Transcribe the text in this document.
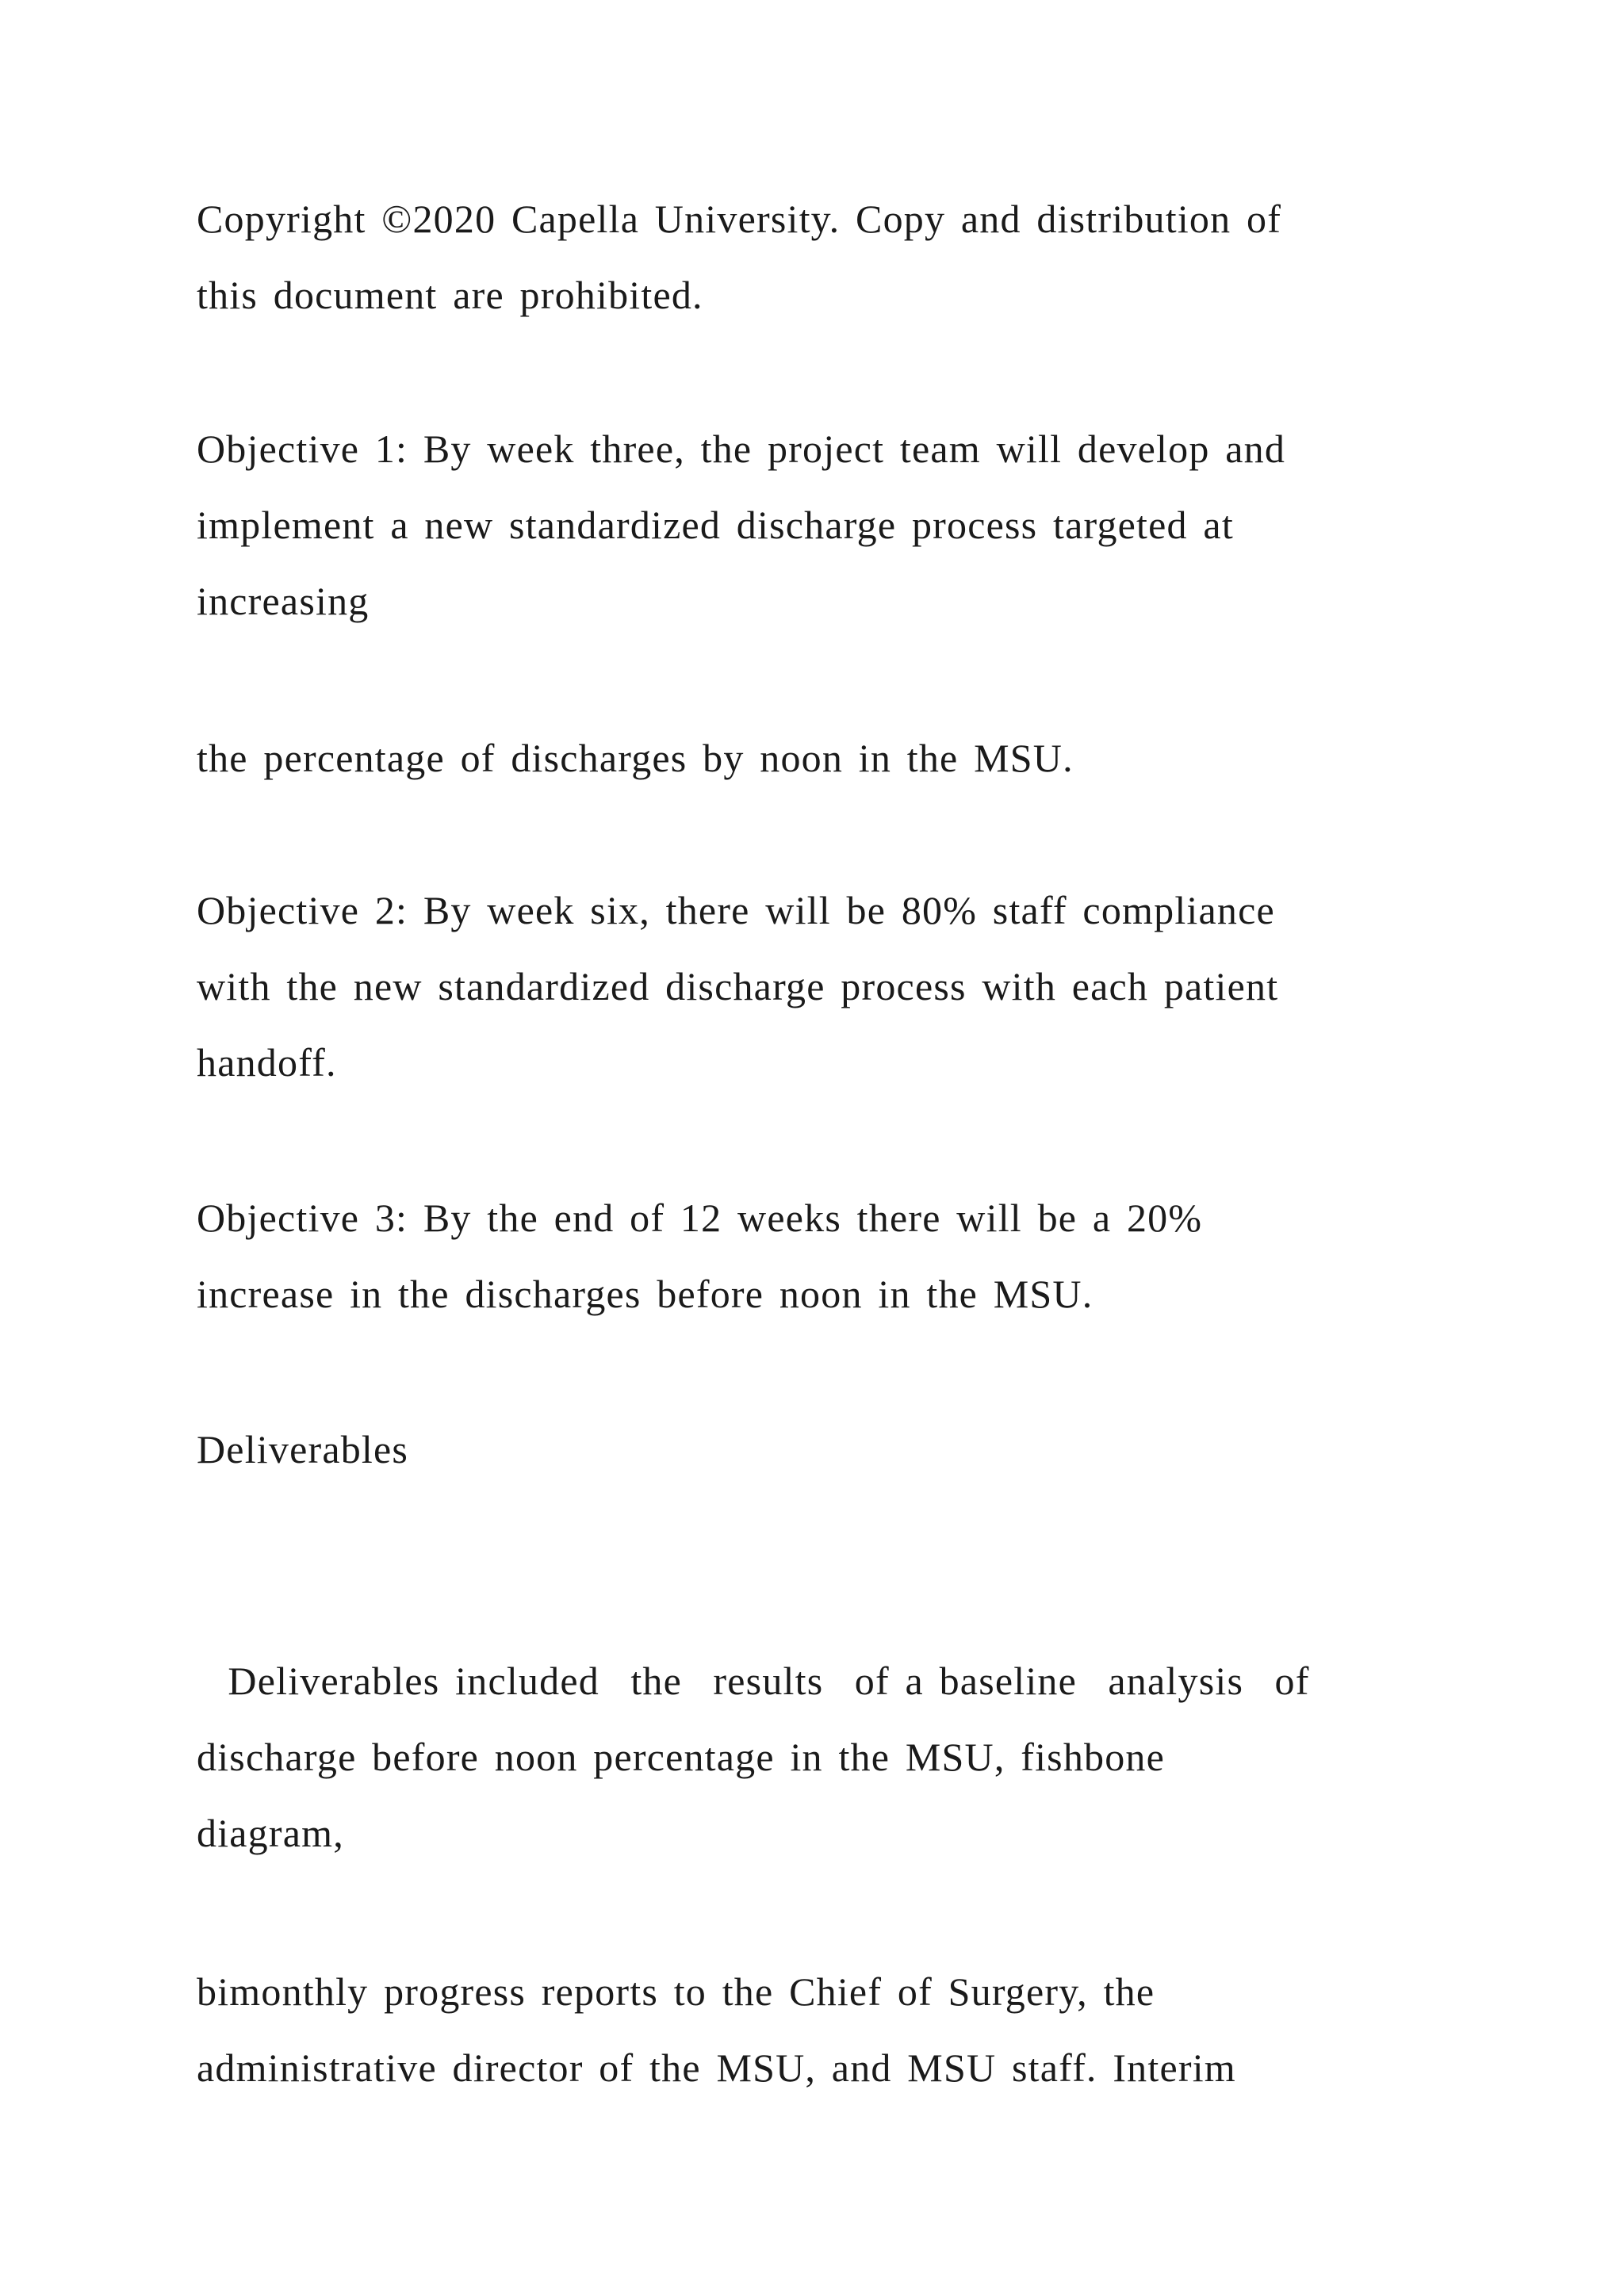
Copyright ©2020 Capella University. Copy and distribution of
this document are prohibited.
Objective 1: By week three, the project team will develop and
implement a new standardized discharge process targeted at
increasing
the percentage of discharges by noon in the MSU.
Objective 2: By week six, there will be 80% staff compliance
with the new standardized discharge process with each patient
handoff.
Objective 3: By the end of 12 weeks there will be a 20%
increase in the discharges before noon in the MSU.
Deliverables
Deliverables included  the  results  of a baseline  analysis  of
discharge before noon percentage in the MSU, fishbone
diagram,
bimonthly progress reports to the Chief of Surgery, the
administrative director of the MSU, and MSU staff. Interim
